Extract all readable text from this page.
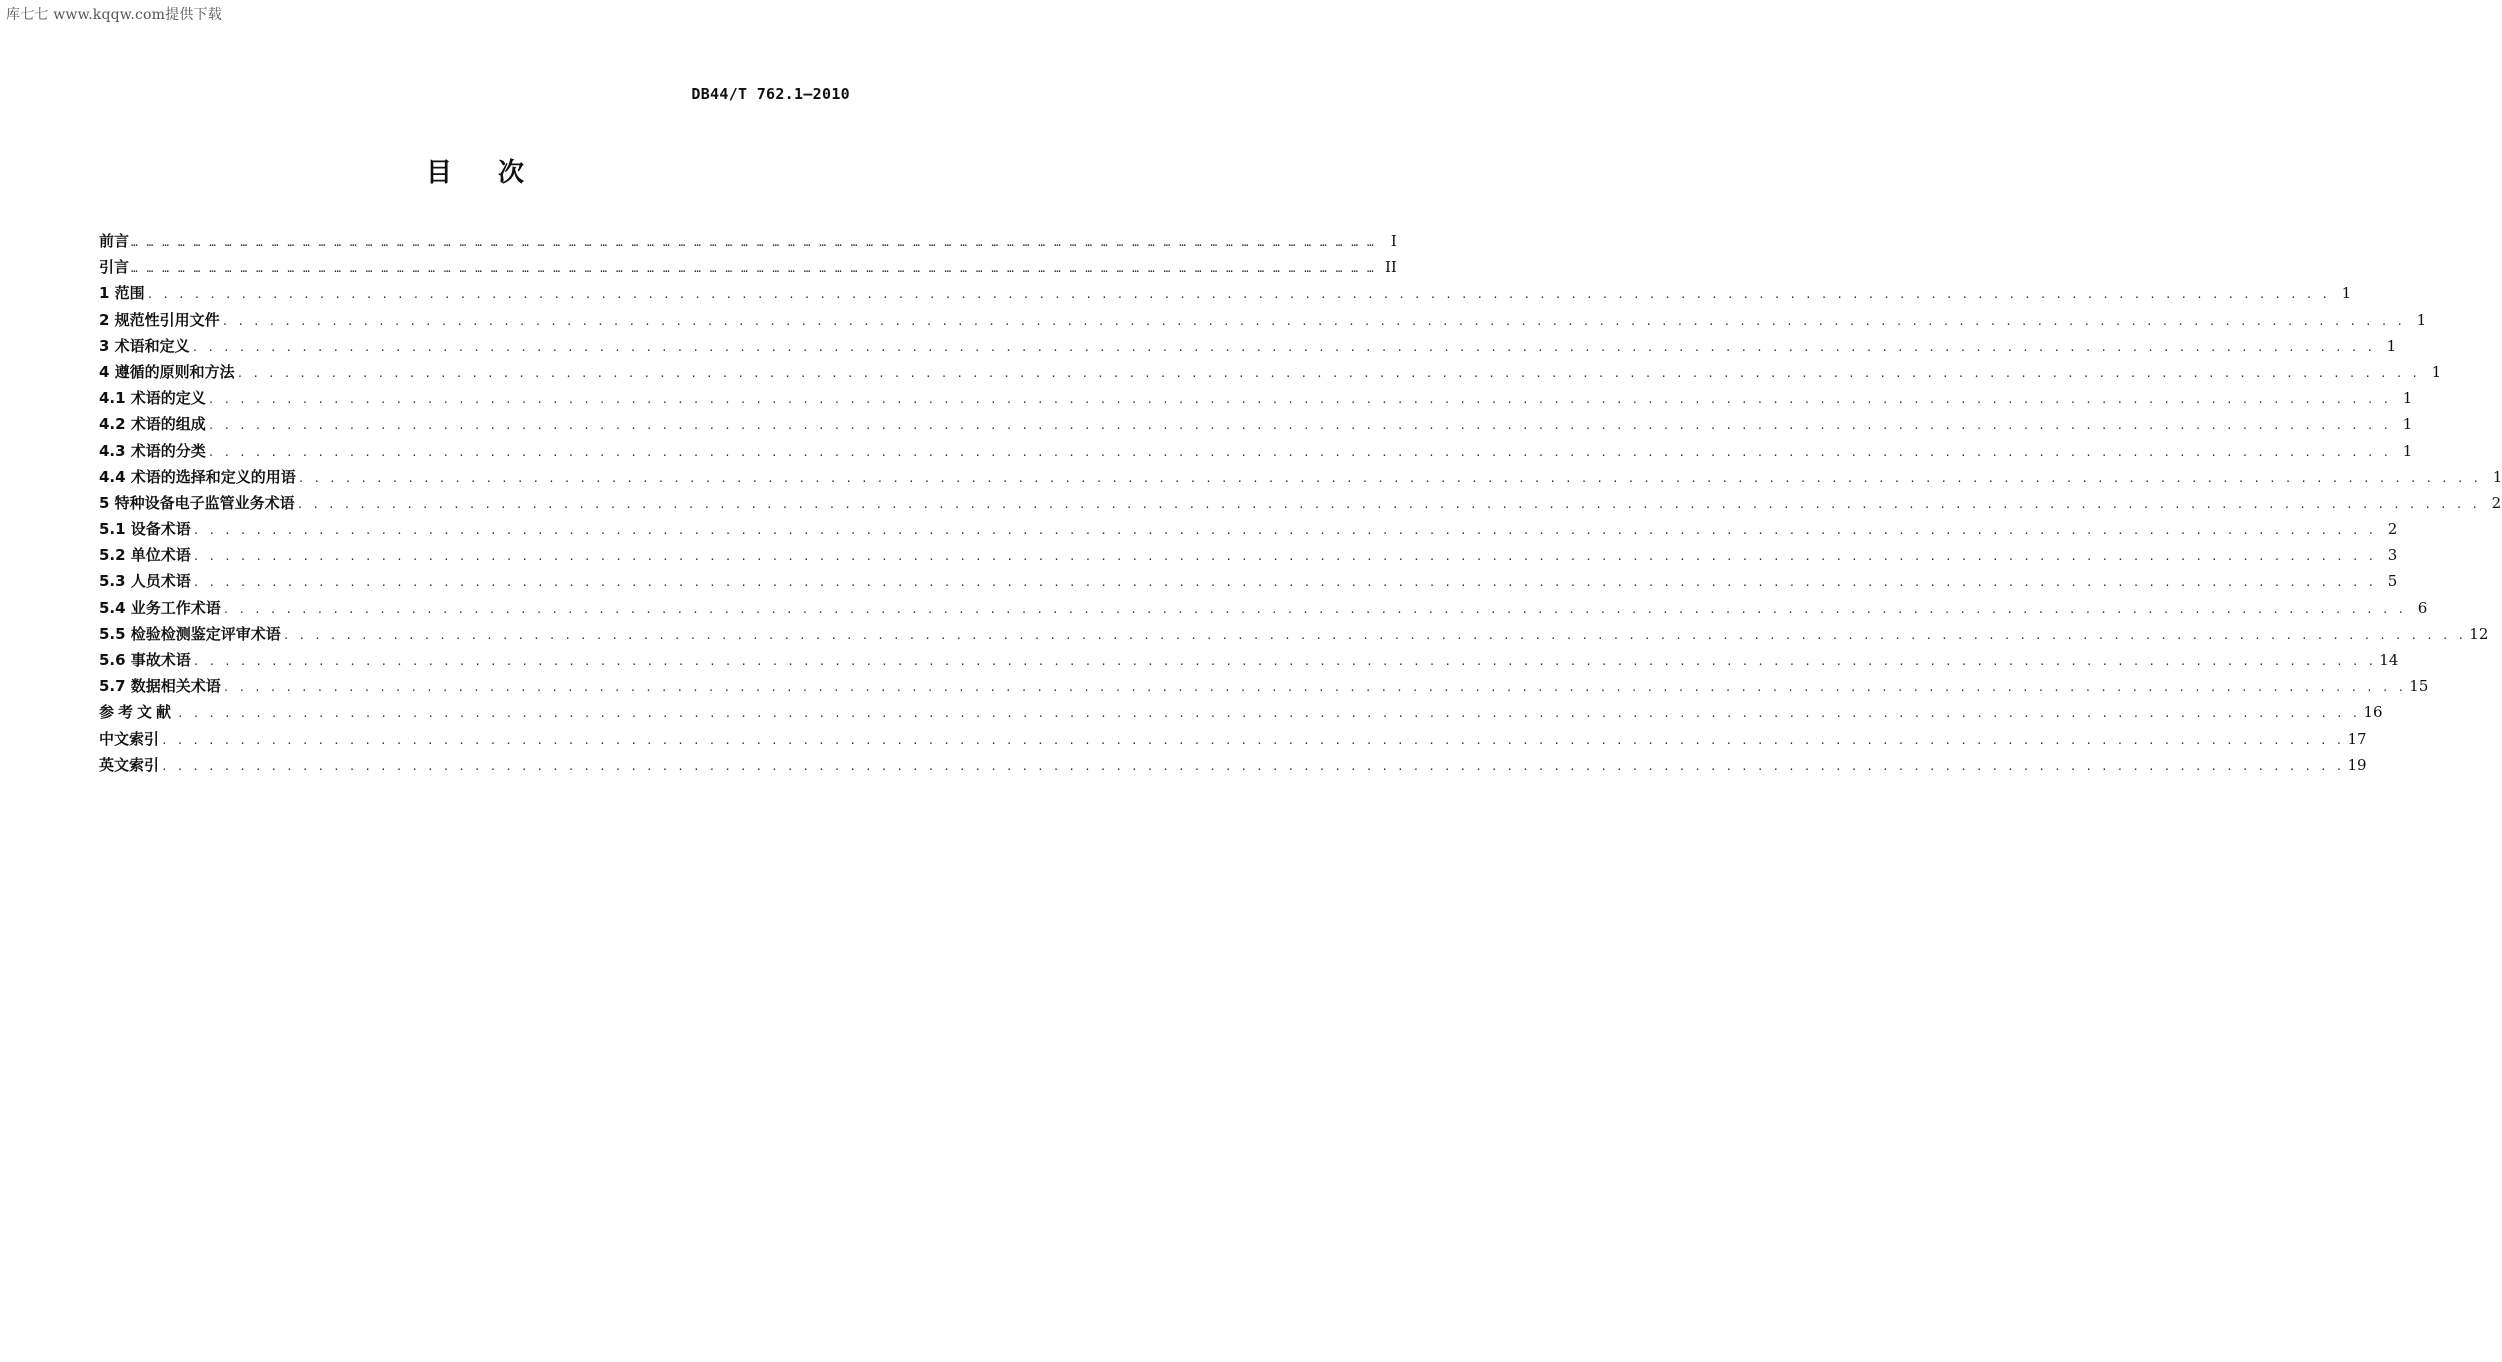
库七七 www.kqqw.com提供下载
DB44/T 762.1—2010
目次
前言 … … … … … … … … … … … … … … … … … … … … … … … … … … … … … … … … … … … … … … … … … … … … … … … … … … … … … … … … … … … … … … … … … … … … … … … … … … … … … … … …	I
引言 … … … … … … … … … … … … … … … … … … … … … … … … … … … … … … … … … … … … … … … … … … … … … … … … … … … … … … … … … … … … … … … … … … … … … … … … … … … … … … … … II
1 范围 . . . . . . . . . . . . . . . . . . . . . . . . . . . . . . . . . . . . . . . . . . . . . . . . . . . . . . . . . . . . . . . . . . . . . . . . . . . . . . . . . . . . . . . . . . . . . . . . . . . . . . . . . . . . . . . . . . . . . . . . . . . . . . . . . . . . . . . . . . . . 1
2 规范性引用文件 . . . . . . . . . . . . . . . . . . . . . . . . . . . . . . . . . . . . . . . . . . . . . . . . . . . . . . . . . . . . . . . . . . . . . . . . . . . . . . . . . . . . . . . . . . . . . . . . . . . . . . . . . . . . . . . . . . . . . . . . . . . . . . . . . . . . . . . . . . . . 1
3 术语和定义 . . . . . . . . . . . . . . . . . . . . . . . . . . . . . . . . . . . . . . . . . . . . . . . . . . . . . . . . . . . . . . . . . . . . . . . . . . . . . . . . . . . . . . . . . . . . . . . . . . . . . . . . . . . . . . . . . . . . . . . . . . . . . . . . . . . . . . . . . . . . 1
4 遵循的原则和方法 . . . . . . . . . . . . . . . . . . . . . . . . . . . . . . . . . . . . . . . . . . . . . . . . . . . . . . . . . . . . . . . . . . . . . . . . . . . . . . . . . . . . . . . . . . . . . . . . . . . . . . . . . . . . . . . . . . . . . . . . . . . . . . . . . . . . . . . . . . . . 1
4.1 术语的定义 . . . . . . . . . . . . . . . . . . . . . . . . . . . . . . . . . . . . . . . . . . . . . . . . . . . . . . . . . . . . . . . . . . . . . . . . . . . . . . . . . . . . . . . . . . . . . . . . . . . . . . . . . . . . . . . . . . . . . . . . . . . . . . . . . . . . . . . . . . . . 1
4.2 术语的组成 . . . . . . . . . . . . . . . . . . . . . . . . . . . . . . . . . . . . . . . . . . . . . . . . . . . . . . . . . . . . . . . . . . . . . . . . . . . . . . . . . . . . . . . . . . . . . . . . . . . . . . . . . . . . . . . . . . . . . . . . . . . . . . . . . . . . . . . . . . . . 1
4.3 术语的分类 . . . . . . . . . . . . . . . . . . . . . . . . . . . . . . . . . . . . . . . . . . . . . . . . . . . . . . . . . . . . . . . . . . . . . . . . . . . . . . . . . . . . . . . . . . . . . . . . . . . . . . . . . . . . . . . . . . . . . . . . . . . . . . . . . . . . . . . . . . . . 1
4.4 术语的选择和定义的用语 . . . . . . . . . . . . . . . . . . . . . . . . . . . . . . . . . . . . . . . . . . . . . . . . . . . . . . . . . . . . . . . . . . . . . . . . . . . . . . . . . . . . . . . . . . . . . . . . . . . . . . . . . . . . . . . . . . . . . . . . . . . . . . . . . . . . . . . . . . . . 1
5 特种设备电子监管业务术语 . . . . . . . . . . . . . . . . . . . . . . . . . . . . . . . . . . . . . . . . . . . . . . . . . . . . . . . . . . . . . . . . . . . . . . . . . . . . . . . . . . . . . . . . . . . . . . . . . . . . . . . . . . . . . . . . . . . . . . . . . . . . . . . . . . . . . . . . . . . . 2
5.1 设备术语 . . . . . . . . . . . . . . . . . . . . . . . . . . . . . . . . . . . . . . . . . . . . . . . . . . . . . . . . . . . . . . . . . . . . . . . . . . . . . . . . . . . . . . . . . . . . . . . . . . . . . . . . . . . . . . . . . . . . . . . . . . . . . . . . . . . . . . . . . . . . 2
5.2 单位术语 . . . . . . . . . . . . . . . . . . . . . . . . . . . . . . . . . . . . . . . . . . . . . . . . . . . . . . . . . . . . . . . . . . . . . . . . . . . . . . . . . . . . . . . . . . . . . . . . . . . . . . . . . . . . . . . . . . . . . . . . . . . . . . . . . . . . . . . . . . . . 3
5.3 人员术语 . . . . . . . . . . . . . . . . . . . . . . . . . . . . . . . . . . . . . . . . . . . . . . . . . . . . . . . . . . . . . . . . . . . . . . . . . . . . . . . . . . . . . . . . . . . . . . . . . . . . . . . . . . . . . . . . . . . . . . . . . . . . . . . . . . . . . . . . . . . . 5
5.4 业务工作术语 . . . . . . . . . . . . . . . . . . . . . . . . . . . . . . . . . . . . . . . . . . . . . . . . . . . . . . . . . . . . . . . . . . . . . . . . . . . . . . . . . . . . . . . . . . . . . . . . . . . . . . . . . . . . . . . . . . . . . . . . . . . . . . . . . . . . . . . . . . . . 6
5.5 检验检测鉴定评审术语 . . . . . . . . . . . . . . . . . . . . . . . . . . . . . . . . . . . . . . . . . . . . . . . . . . . . . . . . . . . . . . . . . . . . . . . . . . . . . . . . . . . . . . . . . . . . . . . . . . . . . . . . . . . . . . . . . . . . . . . . . . . . . . . . . . . . . . . . . . . . 12
5.6 事故术语 . . . . . . . . . . . . . . . . . . . . . . . . . . . . . . . . . . . . . . . . . . . . . . . . . . . . . . . . . . . . . . . . . . . . . . . . . . . . . . . . . . . . . . . . . . . . . . . . . . . . . . . . . . . . . . . . . . . . . . . . . . . . . . . . . . . . . . . . . . . . 14
5.7 数据相关术语 . . . . . . . . . . . . . . . . . . . . . . . . . . . . . . . . . . . . . . . . . . . . . . . . . . . . . . . . . . . . . . . . . . . . . . . . . . . . . . . . . . . . . . . . . . . . . . . . . . . . . . . . . . . . . . . . . . . . . . . . . . . . . . . . . . . . . . . . . . . . 15
参考文献 . . . . . . . . . . . . . . . . . . . . . . . . . . . . . . . . . . . . . . . . . . . . . . . . . . . . . . . . . . . . . . . . . . . . . . . . . . . . . . . . . . . . . . . . . . . . . . . . . . . . . . . . . . . . . . . . . . . . . . . . . . . . . . . . . . . . . . . . . . . . 16
中文索引 . . . . . . . . . . . . . . . . . . . . . . . . . . . . . . . . . . . . . . . . . . . . . . . . . . . . . . . . . . . . . . . . . . . . . . . . . . . . . . . . . . . . . . . . . . . . . . . . . . . . . . . . . . . . . . . . . . . . . . . . . . . . . . . . . . . . . . . . . . . . 17
英文索引 . . . . . . . . . . . . . . . . . . . . . . . . . . . . . . . . . . . . . . . . . . . . . . . . . . . . . . . . . . . . . . . . . . . . . . . . . . . . . . . . . . . . . . . . . . . . . . . . . . . . . . . . . . . . . . . . . . . . . . . . . . . . . . . . . . . . . . . . . . . . 19
